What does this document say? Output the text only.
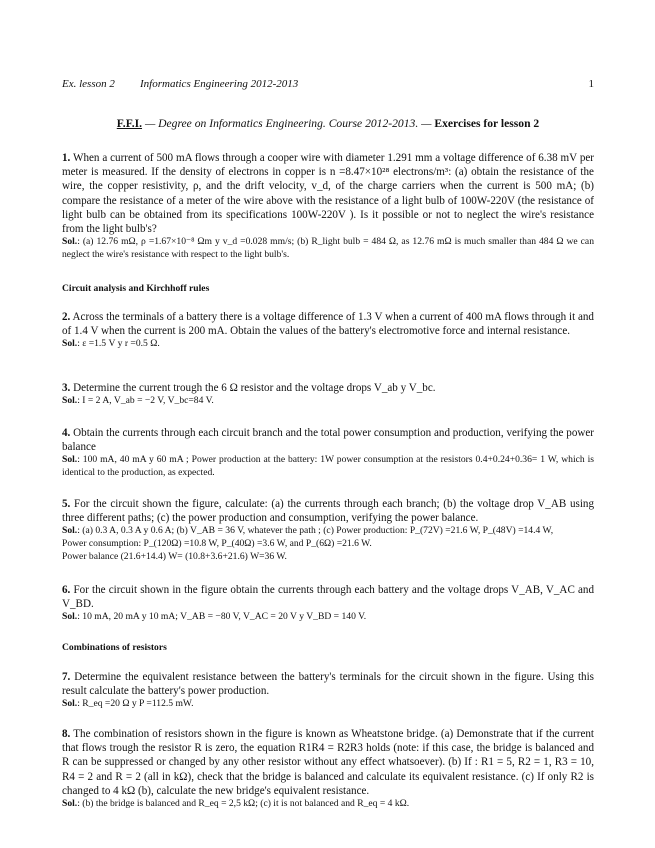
Ex. lesson 2 Informatics Engineering 2012-2013	1
F.F.I. — Degree on Informatics Engineering. Course 2012-2013. — Exercises for lesson 2
1. When a current of 500 mA flows through a cooper wire with diameter 1.291 mm a voltage difference of 6.38 mV per meter is measured. If the density of electrons in copper is n =8.47×10²⁸ electrons/m³: (a) obtain the resistance of the wire, the copper resistivity, ρ, and the drift velocity, v_d, of the charge carriers when the current is 500 mA; (b) compare the resistance of a meter of the wire above with the resistance of a light bulb of 100W-220V (the resistance of light bulb can be obtained from its specifications 100W-220V ). Is it possible or not to neglect the wire's resistance from the light bulb's?
Sol.: (a) 12.76 mΩ, ρ =1.67×10⁻⁸ Ωm y v_d =0.028 mm/s; (b) R_light bulb = 484 Ω, as 12.76 mΩ is much smaller than 484 Ω we can neglect the wire's resistance with respect to the light bulb's.
Circuit analysis and Kirchhoff rules
2. Across the terminals of a battery there is a voltage difference of 1.3 V when a current of 400 mA flows through it and of 1.4 V when the current is 200 mA. Obtain the values of the battery's electromotive force and internal resistance.
Sol.: ε =1.5 V y r =0.5 Ω.
3. Determine the current trough the 6 Ω resistor and the voltage drops V_ab y V_bc.
Sol.: I = 2 A, V_ab = −2 V, V_bc=84 V.
4. Obtain the currents through each circuit branch and the total power consumption and production, verifying the power balance
Sol.: 100 mA, 40 mA y 60 mA ; Power production at the battery: 1W power consumption at the resistors 0.4+0.24+0.36= 1 W, which is identical to the production, as expected.
5. For the circuit shown the figure, calculate: (a) the currents through each branch; (b) the voltage drop V_AB using three different paths; (c) the power production and consumption, verifying the power balance.
Sol.: (a) 0.3 A, 0.3 A y 0.6 A; (b) V_AB = 36 V, whatever the path ; (c) Power production: P_(72V) =21.6 W, P_(48V) =14.4 W,
Power consumption: P_(120Ω) =10.8 W, P_(40Ω) =3.6 W, and P_(6Ω) =21.6 W.
Power balance (21.6+14.4) W= (10.8+3.6+21.6) W=36 W.
6. For the circuit shown in the figure obtain the currents through each battery and the voltage drops V_AB, V_AC and V_BD.
Sol.: 10 mA, 20 mA y 10 mA; V_AB = −80 V, V_AC = 20 V y V_BD = 140 V.
Combinations of resistors
7. Determine the equivalent resistance between the battery's terminals for the circuit shown in the figure. Using this result calculate the battery's power production.
Sol.: R_eq =20 Ω y P =112.5 mW.
8. The combination of resistors shown in the figure is known as Wheatstone bridge. (a) Demonstrate that if the current that flows trough the resistor R is zero, the equation R1R4 = R2R3 holds (note: if this case, the bridge is balanced and R can be suppressed or changed by any other resistor without any effect whatsoever). (b) If : R1 = 5, R2 = 1, R3 = 10, R4 = 2 and R = 2 (all in kΩ), check that the bridge is balanced and calculate its equivalent resistance. (c) If only R2 is changed to 4 kΩ (b), calculate the new bridge's equivalent resistance.
Sol.: (b) the bridge is balanced and R_eq = 2,5 kΩ; (c) it is not balanced and R_eq = 4 kΩ.
